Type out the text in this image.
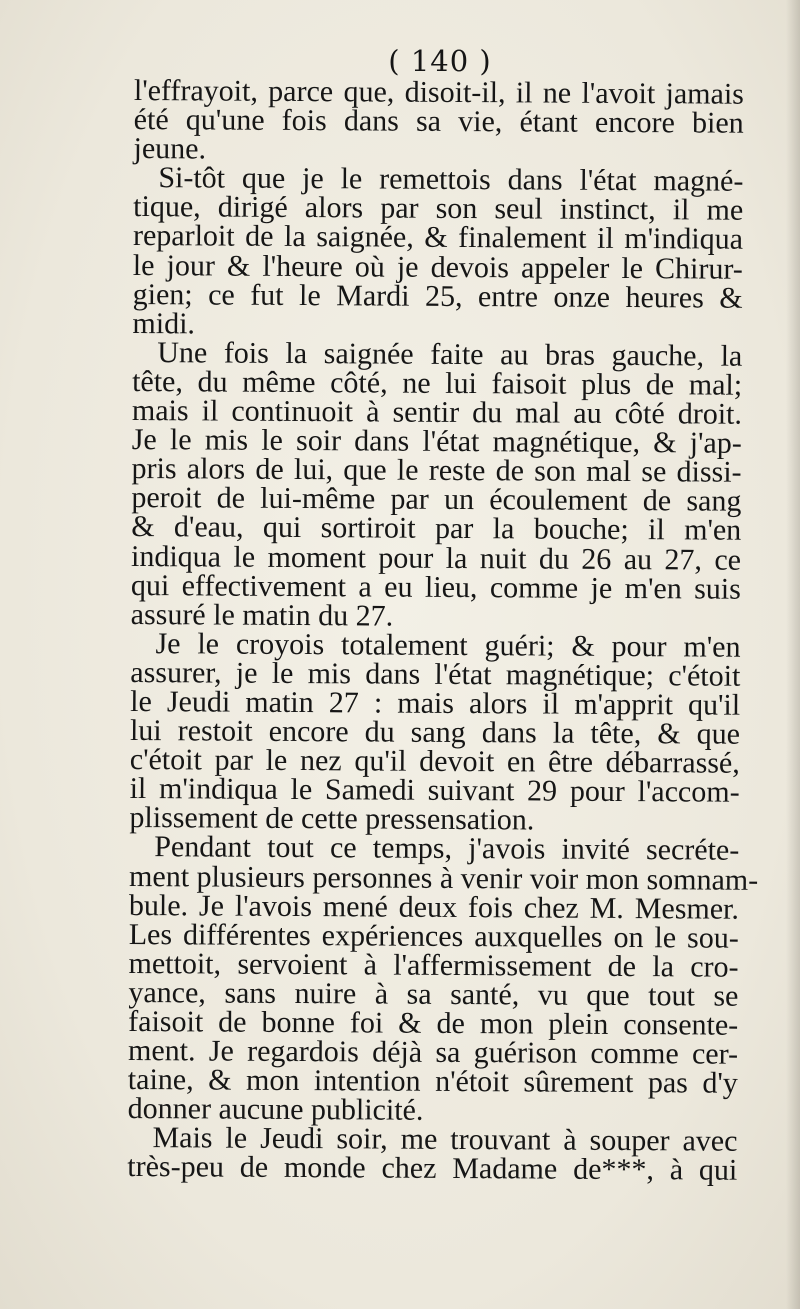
( 140 )
l'effrayoit, parce que, disoit-il, il ne l'avoit jamais
été qu'une fois dans sa vie, étant encore bien
jeune.
Si-tôt que je le remettois dans l'état magné-
tique, dirigé alors par son seul instinct, il me
reparloit de la saignée, & finalement il m'indiqua
le jour & l'heure où je devois appeler le Chirur-
gien; ce fut le Mardi 25, entre onze heures &
midi.
Une fois la saignée faite au bras gauche, la
tête, du même côté, ne lui faisoit plus de mal;
mais il continuoit à sentir du mal au côté droit.
Je le mis le soir dans l'état magnétique, & j'ap-
pris alors de lui, que le reste de son mal se dissi-
peroit de lui-même par un écoulement de sang
& d'eau, qui sortiroit par la bouche; il m'en
indiqua le moment pour la nuit du 26 au 27, ce
qui effectivement a eu lieu, comme je m'en suis
assuré le matin du 27.
Je le croyois totalement guéri; & pour m'en
assurer, je le mis dans l'état magnétique; c'étoit
le Jeudi matin 27 : mais alors il m'apprit qu'il
lui restoit encore du sang dans la tête, & que
c'étoit par le nez qu'il devoit en être débarrassé,
il m'indiqua le Samedi suivant 29 pour l'accom-
plissement de cette pressensation.
Pendant tout ce temps, j'avois invité secréte-
ment plusieurs personnes à venir voir mon somnam-
bule. Je l'avois mené deux fois chez M. Mesmer.
Les différentes expériences auxquelles on le sou-
mettoit, servoient à l'affermissement de la cro-
yance, sans nuire à sa santé, vu que tout se
faisoit de bonne foi & de mon plein consente-
ment. Je regardois déjà sa guérison comme cer-
taine, & mon intention n'étoit sûrement pas d'y
donner aucune publicité.
Mais le Jeudi soir, me trouvant à souper avec
très-peu de monde chez Madame de***, à qui
